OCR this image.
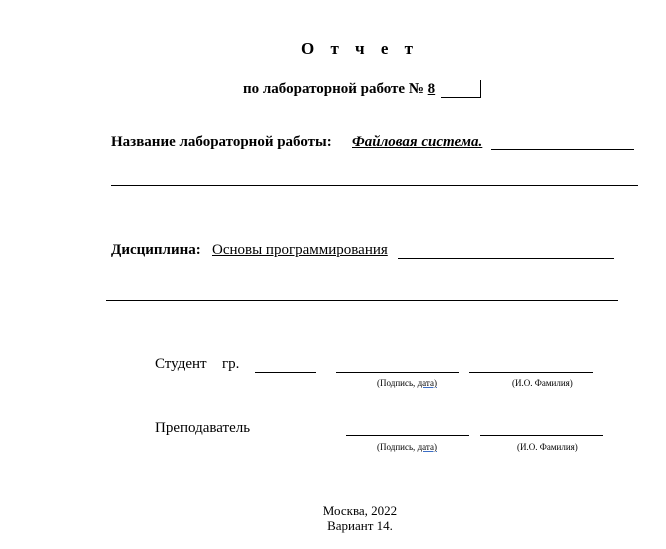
О т ч е т
по лабораторной работе № 8
Название лабораторной работы: Файловая система.
Дисциплина: Основы программирования
Студент гр.
(Подпись, дата)	(И.О. Фамилия)
Преподаватель
(Подпись, дата)	(И.О. Фамилия)
Москва, 2022
Вариант 14.
